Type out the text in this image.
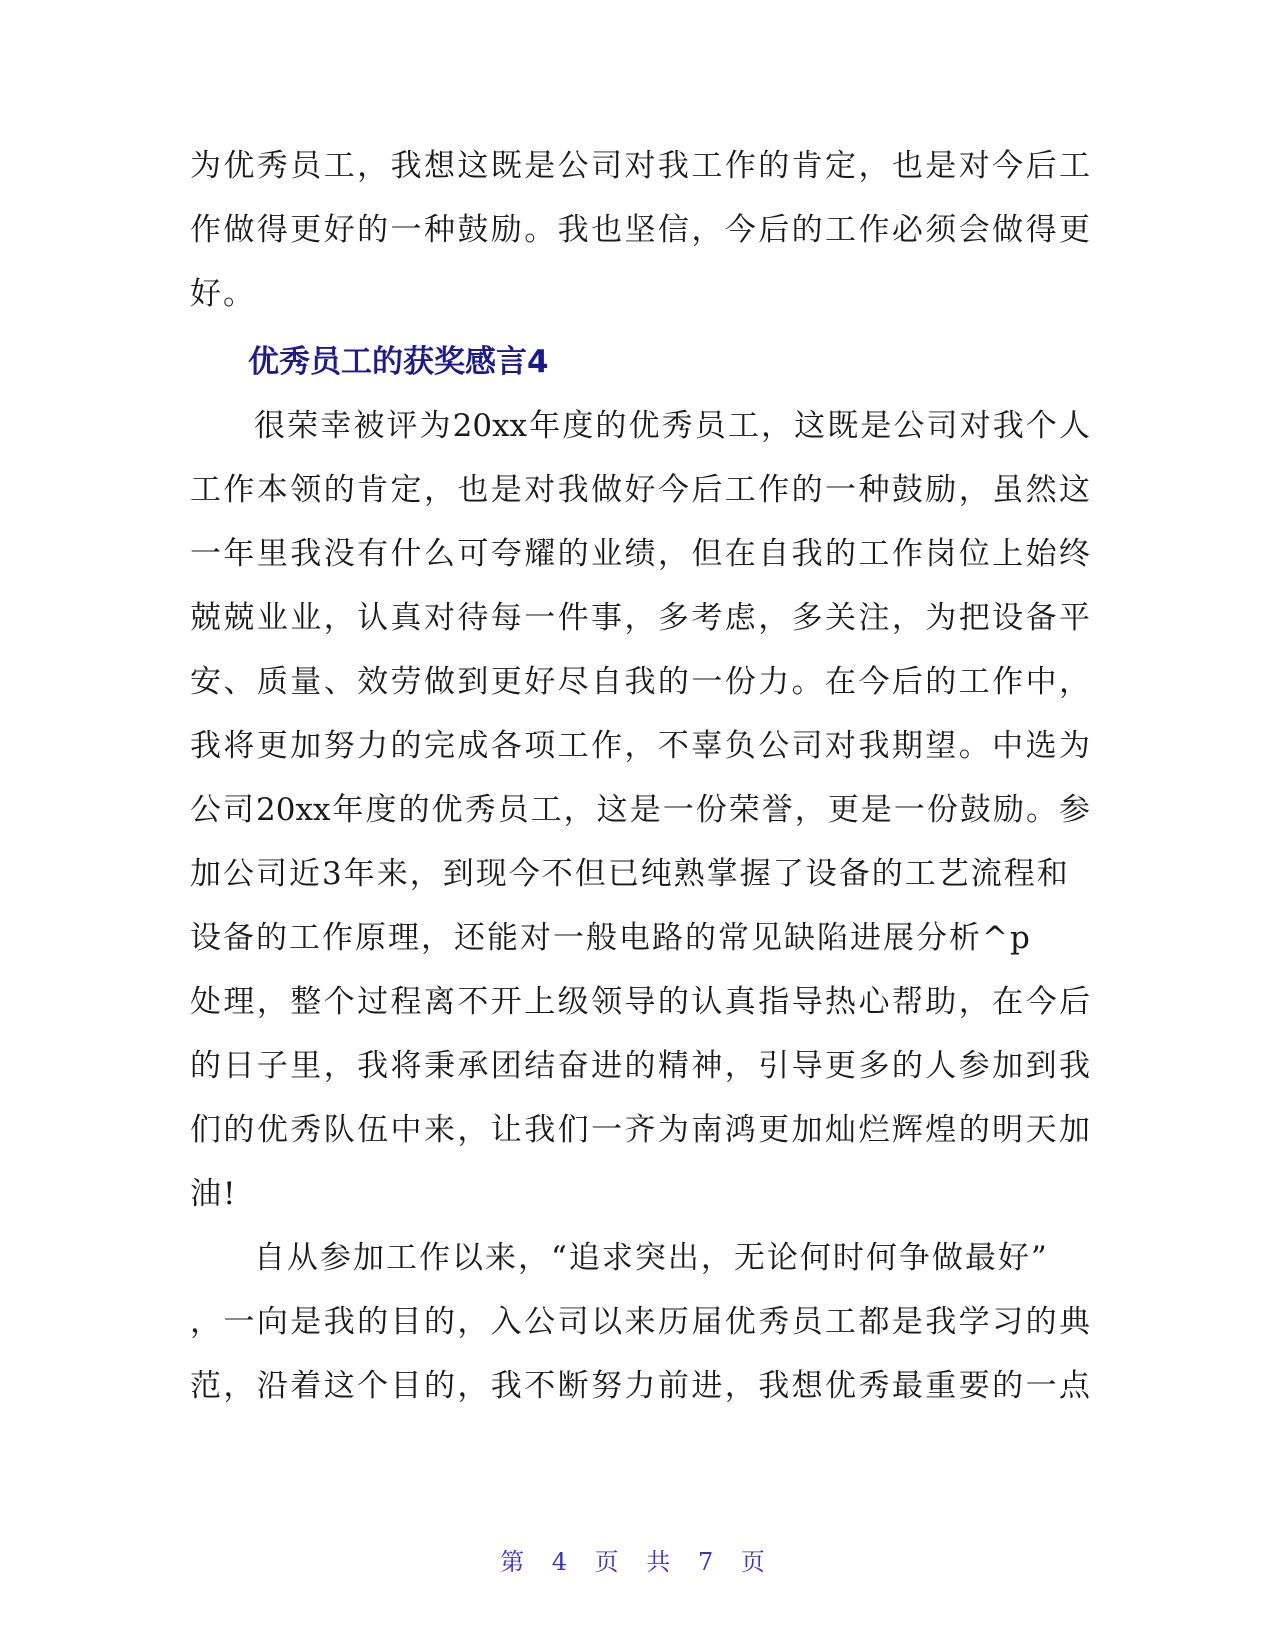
为优秀员工，我想这既是公司对我工作的肯定，也是对今后工
作做得更好的一种鼓励。我也坚信，今后的工作必须会做得更
好。
优秀员工的获奖感言4
很荣幸被评为20xx年度的优秀员工，这既是公司对我个人
工作本领的肯定，也是对我做好今后工作的一种鼓励，虽然这
一年里我没有什么可夸耀的业绩，但在自我的工作岗位上始终
兢兢业业，认真对待每一件事，多考虑，多关注，为把设备平
安、质量、效劳做到更好尽自我的一份力。在今后的工作中，
我将更加努力的完成各项工作，不辜负公司对我期望。中选为
公司20xx年度的优秀员工，这是一份荣誉，更是一份鼓励。参
加公司近3年来，到现今不但已纯熟掌握了设备的工艺流程和
设备的工作原理，还能对一般电路的常见缺陷进展分析^p
处理，整个过程离不开上级领导的认真指导热心帮助，在今后
的日子里，我将秉承团结奋进的精神，引导更多的人参加到我
们的优秀队伍中来，让我们一齐为南鸿更加灿烂辉煌的明天加
油!
自从参加工作以来，“追求突出，无论何时何争做最好”
，一向是我的目的，入公司以来历届优秀员工都是我学习的典
范，沿着这个目的，我不断努力前进，我想优秀最重要的一点
第 4 页 共 7 页
